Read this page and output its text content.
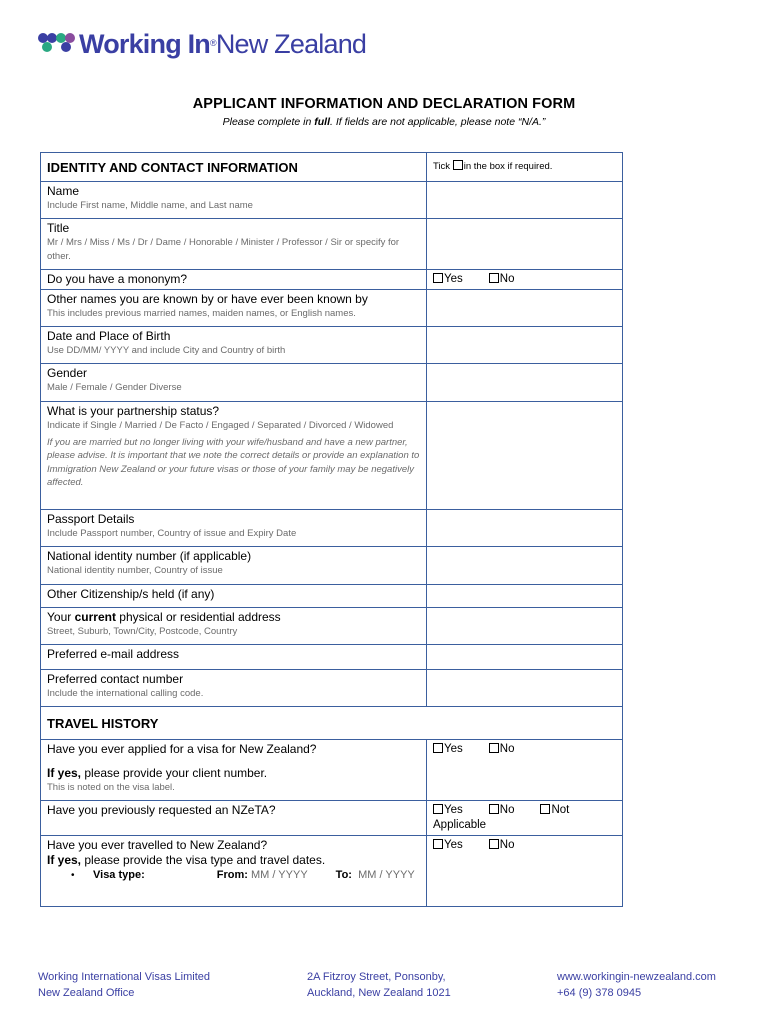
Working In®New Zealand
APPLICANT INFORMATION AND DECLARATION FORM
Please complete in full. If fields are not applicable, please note “N/A.”
IDENTITY AND CONTACT INFORMATION	Tick in the box if required.

Name
Include First name, Middle name, and Last name	

Title
Mr / Mrs / Miss / Ms / Dr / Dame / Honorable / Minister / Professor / Sir or specify for other.	

Do you have a mononym?	Yes No

Other names you are known by or have ever been known by
This includes previous married names, maiden names, or English names.	

Date and Place of Birth
Use DD/MM/ YYYY and include City and Country of birth	

Gender
Male / Female / Gender Diverse	

What is your partnership status?
Indicate if Single / Married / De Facto / Engaged / Separated / Divorced / Widowed
If you are married but no longer living with your wife/husband and have a new partner, please advise. It is important that we note the correct details or provide an explanation to Immigration New Zealand or your future visas or those of your family may be negatively affected.	

Passport Details
Include Passport number, Country of issue and Expiry Date	

National identity number (if applicable)
National identity number, Country of issue	

Other Citizenship/s held (if any)	

Your current physical or residential address
Street, Suburb, Town/City, Postcode, Country	

Preferred e-mail address	

Preferred contact number
Include the international calling code.	

TRAVEL HISTORY	

Have you ever applied for a visa for New Zealand?
If yes, please provide your client number.
This is noted on the visa label.	Yes No

Have you previously requested an NZeTA?	Yes No Not Applicable

Have you ever travelled to New Zealand?
If yes, please provide the visa type and travel dates.
• Visa type: From: MM / YYYY To: MM / YYYY	Yes No
Working International Visas Limited
New Zealand Office
2A Fitzroy Street, Ponsonby,
Auckland, New Zealand 1021
www.workingin-newzealand.com
+64 (9) 378 0945
